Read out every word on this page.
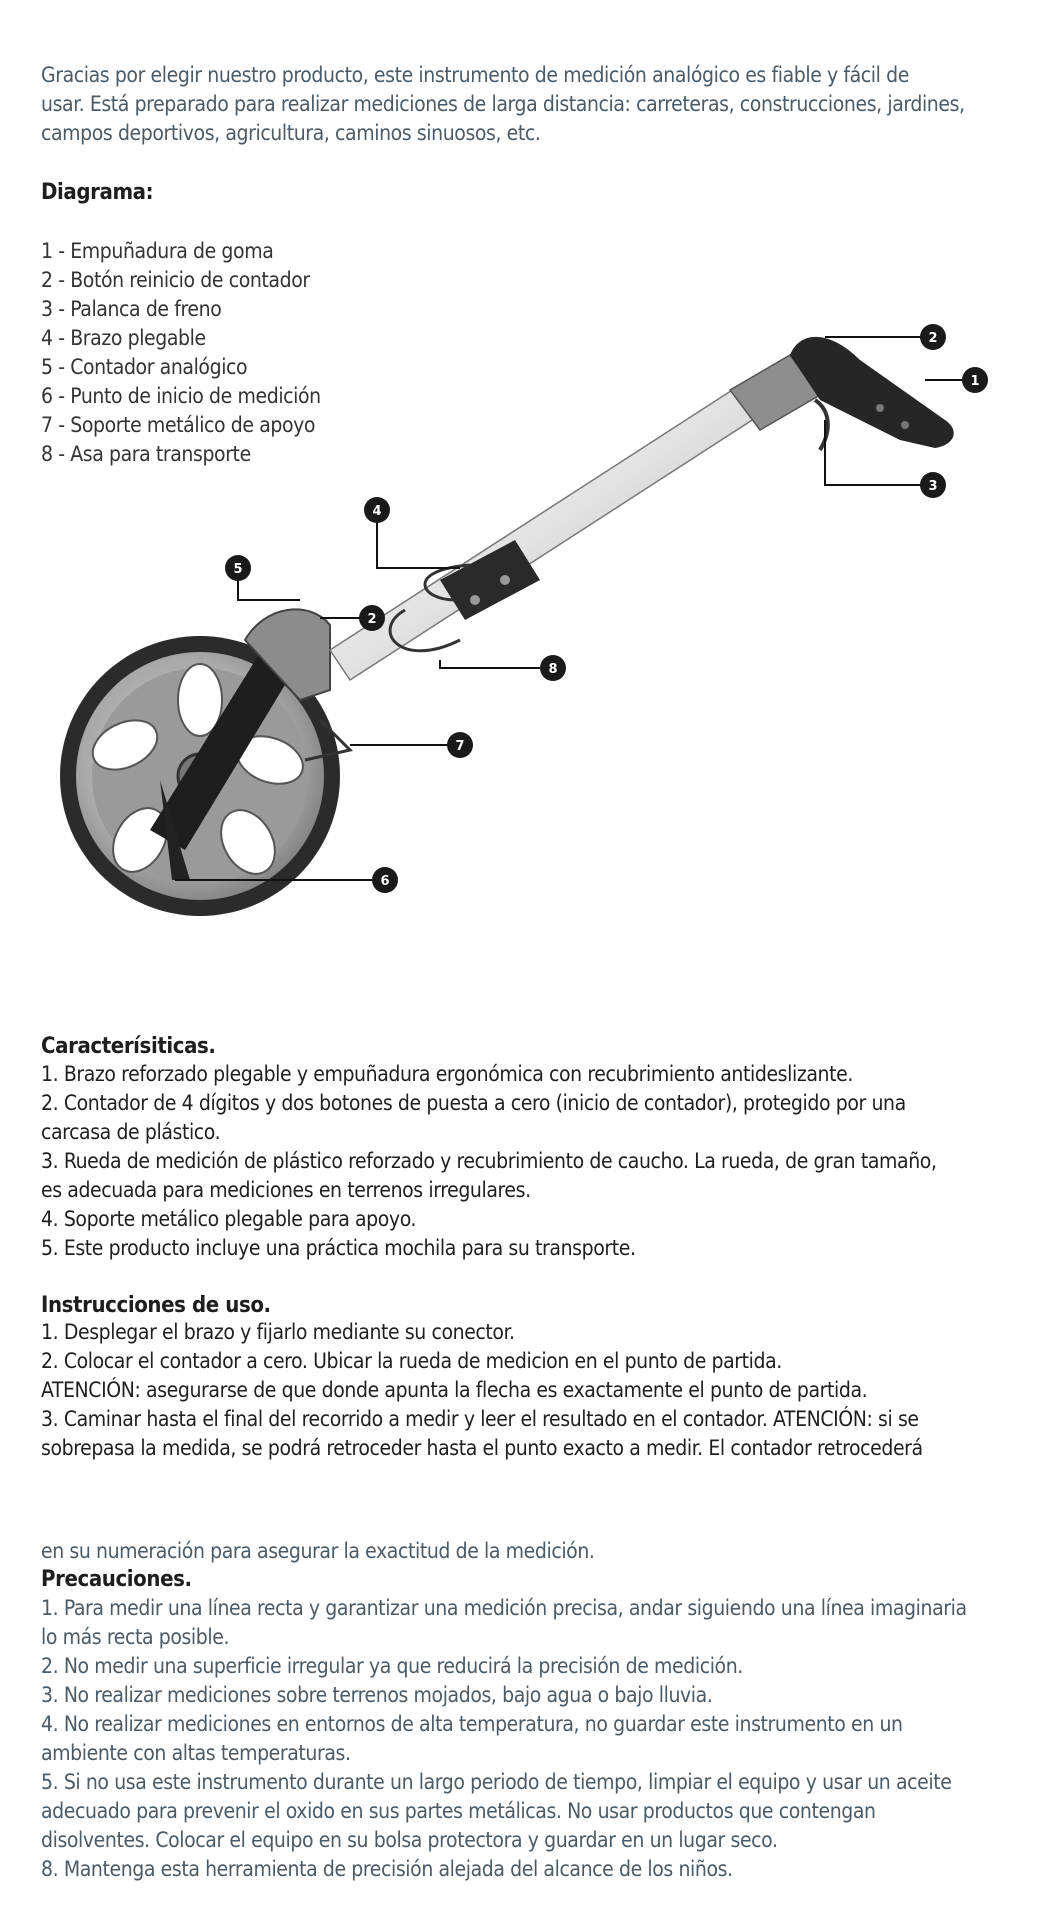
Gracias por elegir nuestro producto, este instrumento de medición analógico es fiable y fácil de
usar. Está preparado para realizar mediciones de larga distancia: carreteras, construcciones, jardines,
campos deportivos, agricultura, caminos sinuosos, etc.
Diagrama:
1 - Empuñadura de goma
2 - Botón reinicio de contador
3 - Palanca de freno
4 - Brazo plegable
5 - Contador analógico
6 - Punto de inicio de medición
7 - Soporte metálico de apoyo
8 - Asa para transporte
1
2
3
4
5
2
7
8
6
Caracterísiticas.
1. Brazo reforzado plegable y empuñadura ergonómica con recubrimiento antideslizante.
2. Contador de 4 dígitos y dos botones de puesta a cero (inicio de contador), protegido por una
carcasa de plástico.
3. Rueda de medición de plástico reforzado y recubrimiento de caucho. La rueda, de gran tamaño,
es adecuada para mediciones en terrenos irregulares.
4. Soporte metálico plegable para apoyo.
5. Este producto incluye una práctica mochila para su transporte.
Instrucciones de uso.
1. Desplegar el brazo y fijarlo mediante su conector.
2. Colocar el contador a cero. Ubicar la rueda de medicion en el punto de partida.
ATENCIÓN: asegurarse de que donde apunta la flecha es exactamente el punto de partida.
3. Caminar hasta el final del recorrido a medir y leer el resultado en el contador. ATENCIÓN: si se
sobrepasa la medida, se podrá retroceder hasta el punto exacto a medir. El contador retrocederá
en su numeración para asegurar la exactitud de la medición.
Precauciones.
1. Para medir una línea recta y garantizar una medición precisa, andar siguiendo una línea imaginaria
lo más recta posible.
2. No medir una superficie irregular ya que reducirá la precisión de medición.
3. No realizar mediciones sobre terrenos mojados, bajo agua o bajo lluvia.
4. No realizar mediciones en entornos de alta temperatura, no guardar este instrumento en un
ambiente con altas temperaturas.
5. Si no usa este instrumento durante un largo periodo de tiempo, limpiar el equipo y usar un aceite
adecuado para prevenir el oxido en sus partes metálicas. No usar productos que contengan
disolventes. Colocar el equipo en su bolsa protectora y guardar en un lugar seco.
8. Mantenga esta herramienta de precisión alejada del alcance de los niños.
